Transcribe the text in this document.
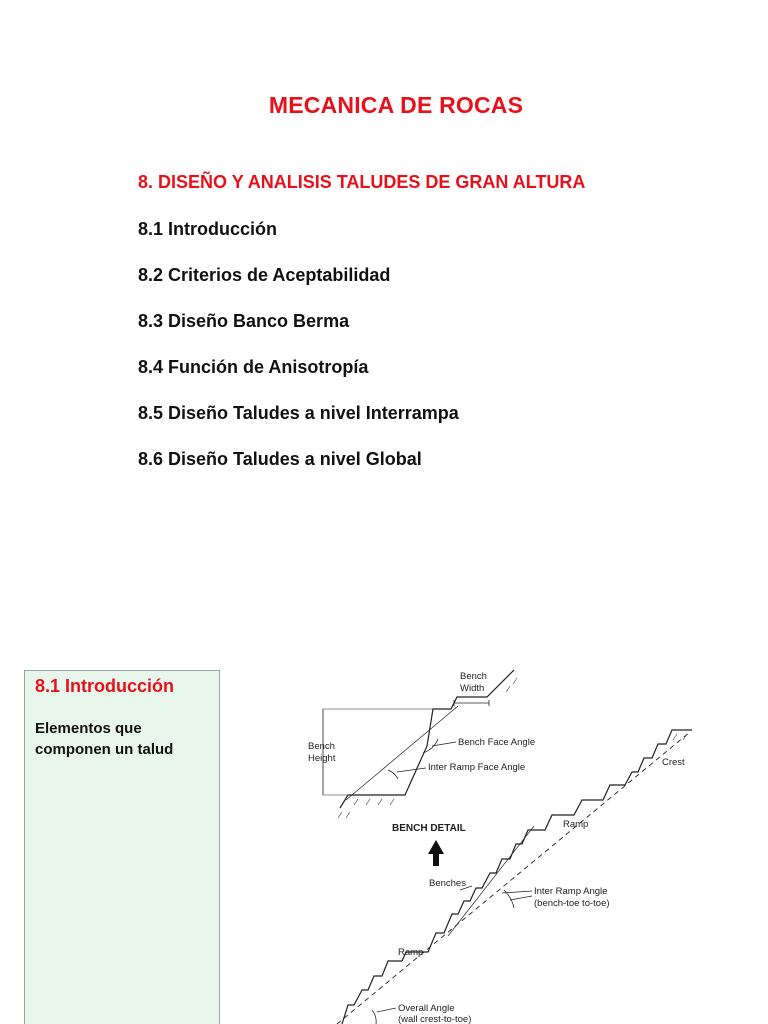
MECANICA DE ROCAS
8. DISEÑO Y ANALISIS TALUDES DE GRAN ALTURA
8.1 Introducción
8.2 Criterios de Aceptabilidad
8.3 Diseño Banco Berma
8.4 Función de Anisotropía
8.5 Diseño Taludes a nivel Interrampa
8.6 Diseño Taludes a nivel Global
8.1 Introducción
Elementos que componen un talud
Bench
Width
Bench
Height
Bench Face Angle
Inter Ramp Face Angle
BENCH DETAIL
Crest
Ramp
Benches
Inter Ramp Angle
(bench-toe to-toe)
Ramp
Overall Angle
(wall crest-to-toe)
